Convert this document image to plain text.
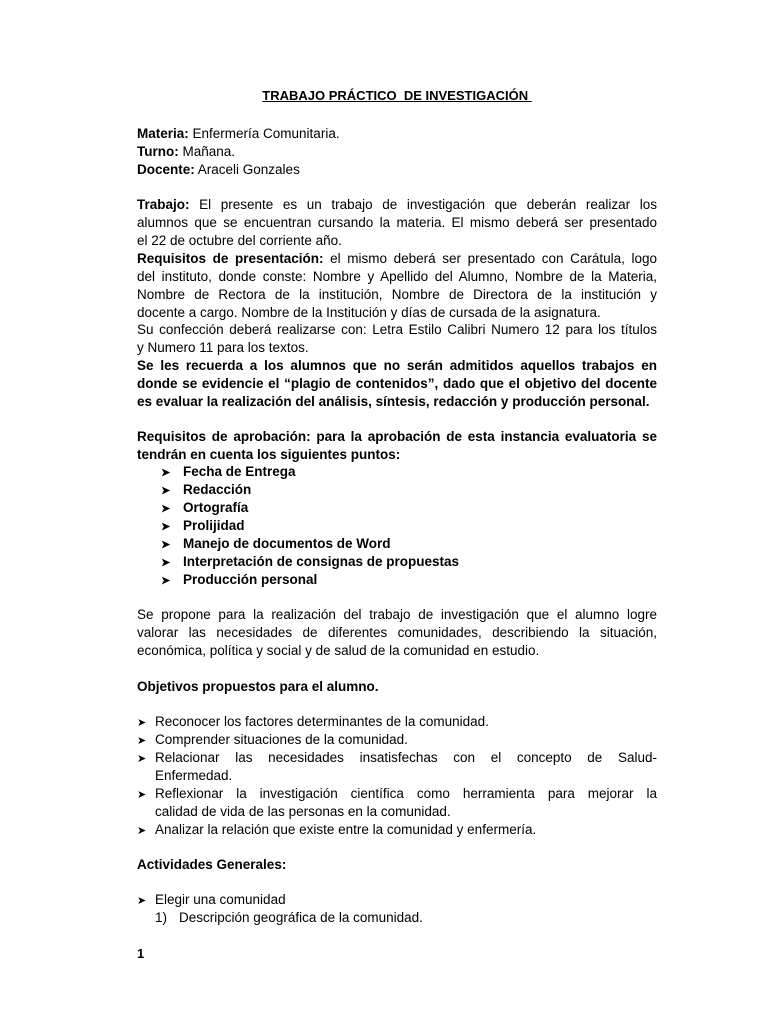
TRABAJO PRÁCTICO  DE INVESTIGACIÓN
Materia: Enfermería Comunitaria.
Turno: Mañana.
Docente: Araceli Gonzales
Trabajo: El presente es un trabajo de investigación que deberán realizar los
alumnos que se encuentran cursando la materia. El mismo deberá ser presentado
el 22 de octubre del corriente año.
Requisitos de presentación: el mismo deberá ser presentado con Carátula, logo
del instituto, donde conste: Nombre y Apellido del Alumno, Nombre de la Materia,
Nombre de Rectora de la institución, Nombre de Directora de la institución y
docente a cargo. Nombre de la Institución y días de cursada de la asignatura.
Su confección deberá realizarse con: Letra Estilo Calibri Numero 12 para los títulos
y Numero 11 para los textos.
Se les recuerda a los alumnos que no serán admitidos aquellos trabajos en
donde se evidencie el “plagio de contenidos”, dado que el objetivo del docente
es evaluar la realización del análisis, síntesis, redacción y producción personal.
Requisitos de aprobación: para la aprobación de esta instancia evaluatoria se
tendrán en cuenta los siguientes puntos:
➤ Fecha de Entrega
➤ Redacción
➤ Ortografía
➤ Prolijidad
➤ Manejo de documentos de Word
➤ Interpretación de consignas de propuestas
➤ Producción personal
Se propone para la realización del trabajo de investigación que el alumno logre
valorar las necesidades de diferentes comunidades, describiendo la situación,
económica, política y social y de salud de la comunidad en estudio.
Objetivos propuestos para el alumno.
➤ Reconocer los factores determinantes de la comunidad.
➤ Comprender situaciones de la comunidad.
➤ Relacionar las necesidades insatisfechas con el concepto de Salud-
Enfermedad.
➤ Reflexionar la investigación científica como herramienta para mejorar la
calidad de vida de las personas en la comunidad.
➤ Analizar la relación que existe entre la comunidad y enfermería.
Actividades Generales:
➤ Elegir una comunidad
1) Descripción geográfica de la comunidad.
1
